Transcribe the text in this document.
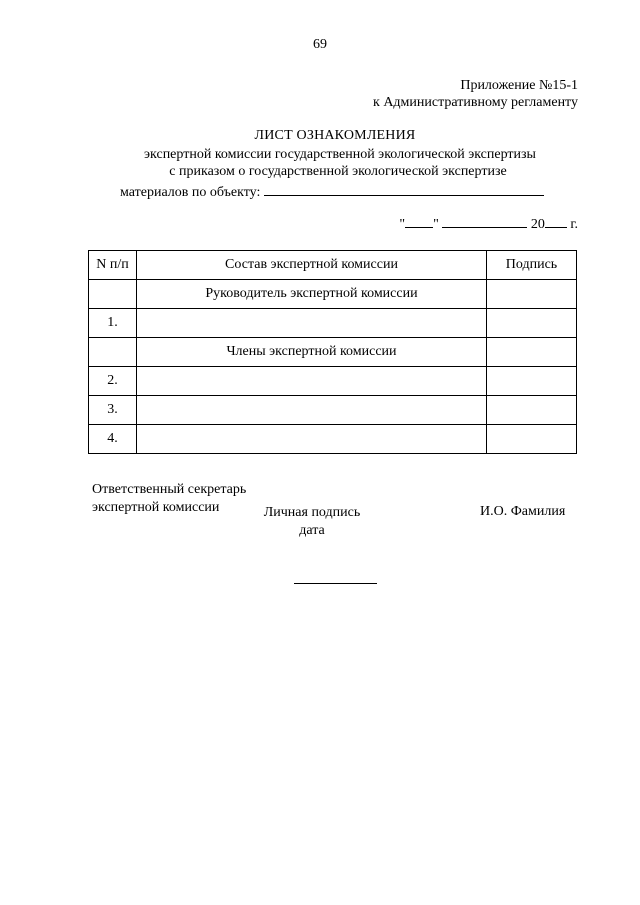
69
Приложение №15-1
к Административному регламенту
ЛИСТ ОЗНАКОМЛЕНИЯ
экспертной комиссии государственной экологической экспертизы
с приказом о государственной экологической экспертизе
материалов по объекту:
" "	20 г.
N п/п	Состав экспертной комиссии	Подпись
	Руководитель экспертной комиссии	
1.		
	Члены экспертной комиссии	
2.		
3.		
4.		
Ответственный секретарь экспертной комиссии	Личная подпись
дата
И.О. Фамилия
